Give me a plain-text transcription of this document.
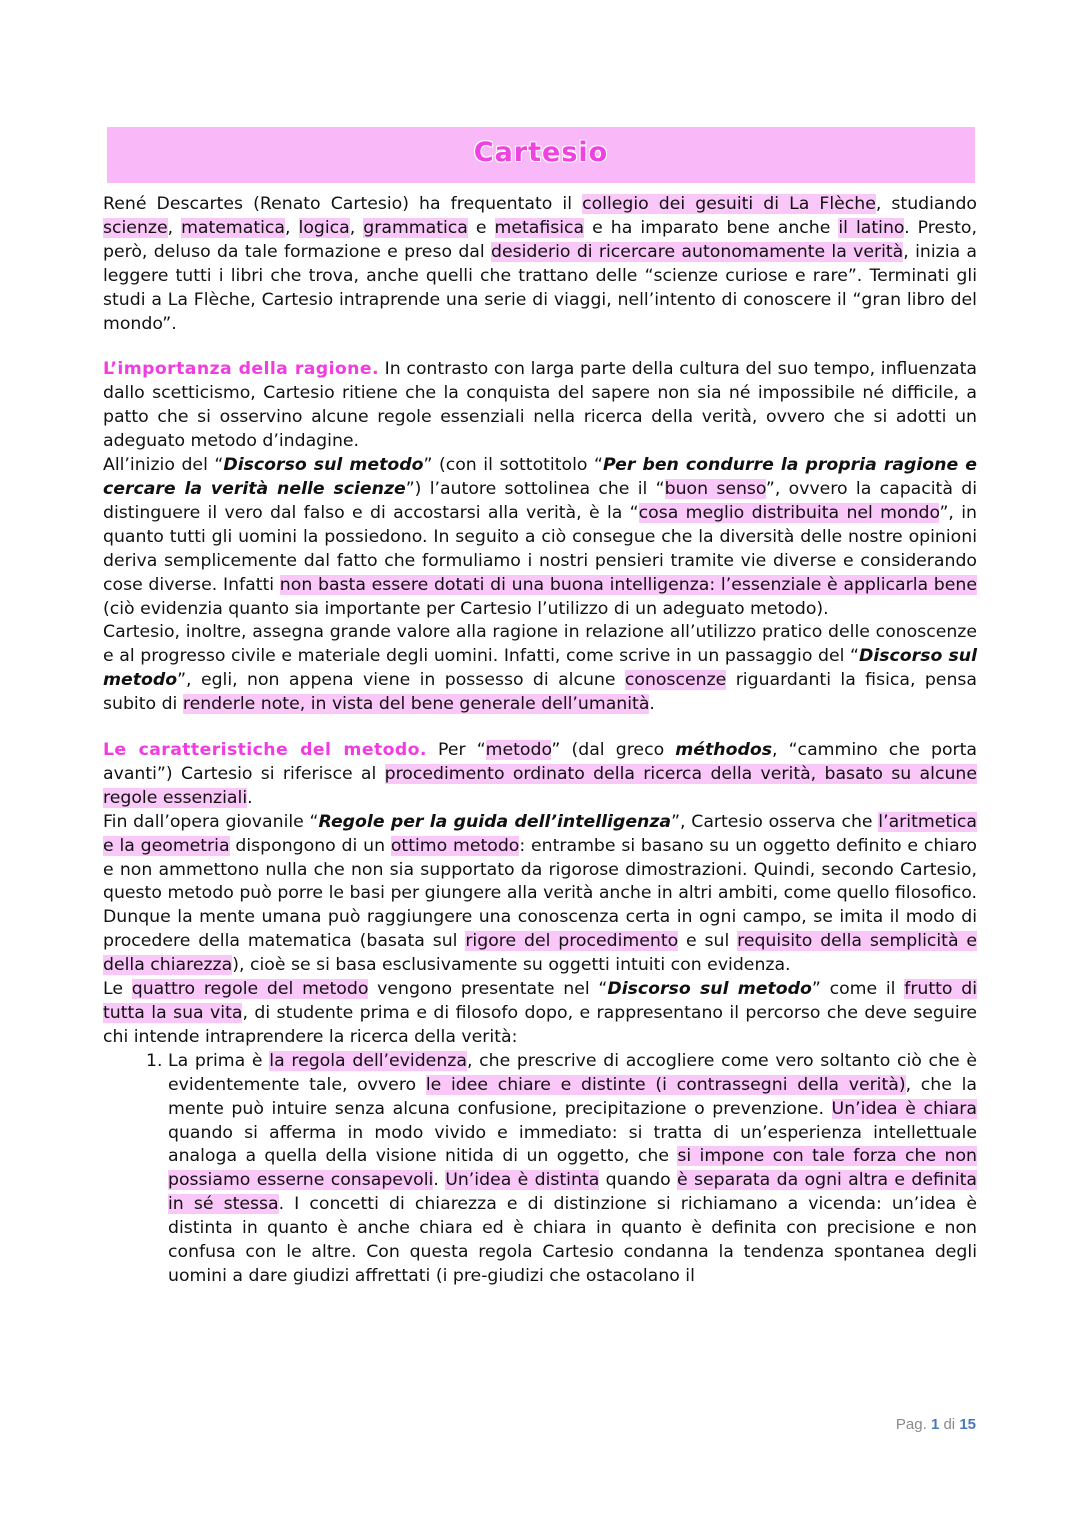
Cartesio

René Descartes (Renato Cartesio) ha frequentato il collegio dei gesuiti di La Flèche, studiando scienze, matematica, logica, grammatica e metafisica e ha imparato bene anche il latino. Presto, però, deluso da tale formazione e preso dal desiderio di ricercare autonomamente la verità, inizia a leggere tutti i libri che trova, anche quelli che trattano delle “scienze curiose e rare”. Terminati gli studi a La Flèche, Cartesio intraprende una serie di viaggi, nell’intento di conoscere il “gran libro del mondo”.

L’importanza della ragione. In contrasto con larga parte della cultura del suo tempo, influenzata dallo scetticismo, Cartesio ritiene che la conquista del sapere non sia né impossibile né difficile, a patto che si osservino alcune regole essenziali nella ricerca della verità, ovvero che si adotti un adeguato metodo d’indagine.

All’inizio del “Discorso sul metodo” (con il sottotitolo “Per ben condurre la propria ragione e cercare la verità nelle scienze”) l’autore sottolinea che il “buon senso”, ovvero la capacità di distinguere il vero dal falso e di accostarsi alla verità, è la “cosa meglio distribuita nel mondo”, in quanto tutti gli uomini la possiedono. In seguito a ciò consegue che la diversità delle nostre opinioni deriva semplicemente dal fatto che formuliamo i nostri pensieri tramite vie diverse e considerando cose diverse. Infatti non basta essere dotati di una buona intelligenza: l’essenziale è applicarla bene (ciò evidenzia quanto sia importante per Cartesio l’utilizzo di un adeguato metodo).

Cartesio, inoltre, assegna grande valore alla ragione in relazione all’utilizzo pratico delle conoscenze e al progresso civile e materiale degli uomini. Infatti, come scrive in un passaggio del “Discorso sul metodo”, egli, non appena viene in possesso di alcune conoscenze riguardanti la fisica, pensa subito di renderle note, in vista del bene generale dell’umanità.

Le caratteristiche del metodo. Per “metodo” (dal greco méthodos, “cammino che porta avanti”) Cartesio si riferisce al procedimento ordinato della ricerca della verità, basato su alcune regole essenziali.

Fin dall’opera giovanile “Regole per la guida dell’intelligenza”, Cartesio osserva che l’aritmetica e la geometria dispongono di un ottimo metodo: entrambe si basano su un oggetto definito e chiaro e non ammettono nulla che non sia supportato da rigorose dimostrazioni. Quindi, secondo Cartesio, questo metodo può porre le basi per giungere alla verità anche in altri ambiti, come quello filosofico. Dunque la mente umana può raggiungere una conoscenza certa in ogni campo, se imita il modo di procedere della matematica (basata sul rigore del procedimento e sul requisito della semplicità e della chiarezza), cioè se si basa esclusivamente su oggetti intuiti con evidenza.

Le quattro regole del metodo vengono presentate nel “Discorso sul metodo” come il frutto di tutta la sua vita, di studente prima e di filosofo dopo, e rappresentano il percorso che deve seguire chi intende intraprendere la ricerca della verità:

1. La prima è la regola dell’evidenza, che prescrive di accogliere come vero soltanto ciò che è evidentemente tale, ovvero le idee chiare e distinte (i contrassegni della verità), che la mente può intuire senza alcuna confusione, precipitazione o prevenzione. Un’idea è chiara quando si afferma in modo vivido e immediato: si tratta di un’esperienza intellettuale analoga a quella della visione nitida di un oggetto, che si impone con tale forza che non possiamo esserne consapevoli. Un’idea è distinta quando è separata da ogni altra e definita in sé stessa. I concetti di chiarezza e di distinzione si richiamano a vicenda: un’idea è distinta in quanto è anche chiara ed è chiara in quanto è definita con precisione e non confusa con le altre. Con questa regola Cartesio condanna la tendenza spontanea degli uomini a dare giudizi affrettati (i pre-giudizi che ostacolano il
Pag. 1 di 15
